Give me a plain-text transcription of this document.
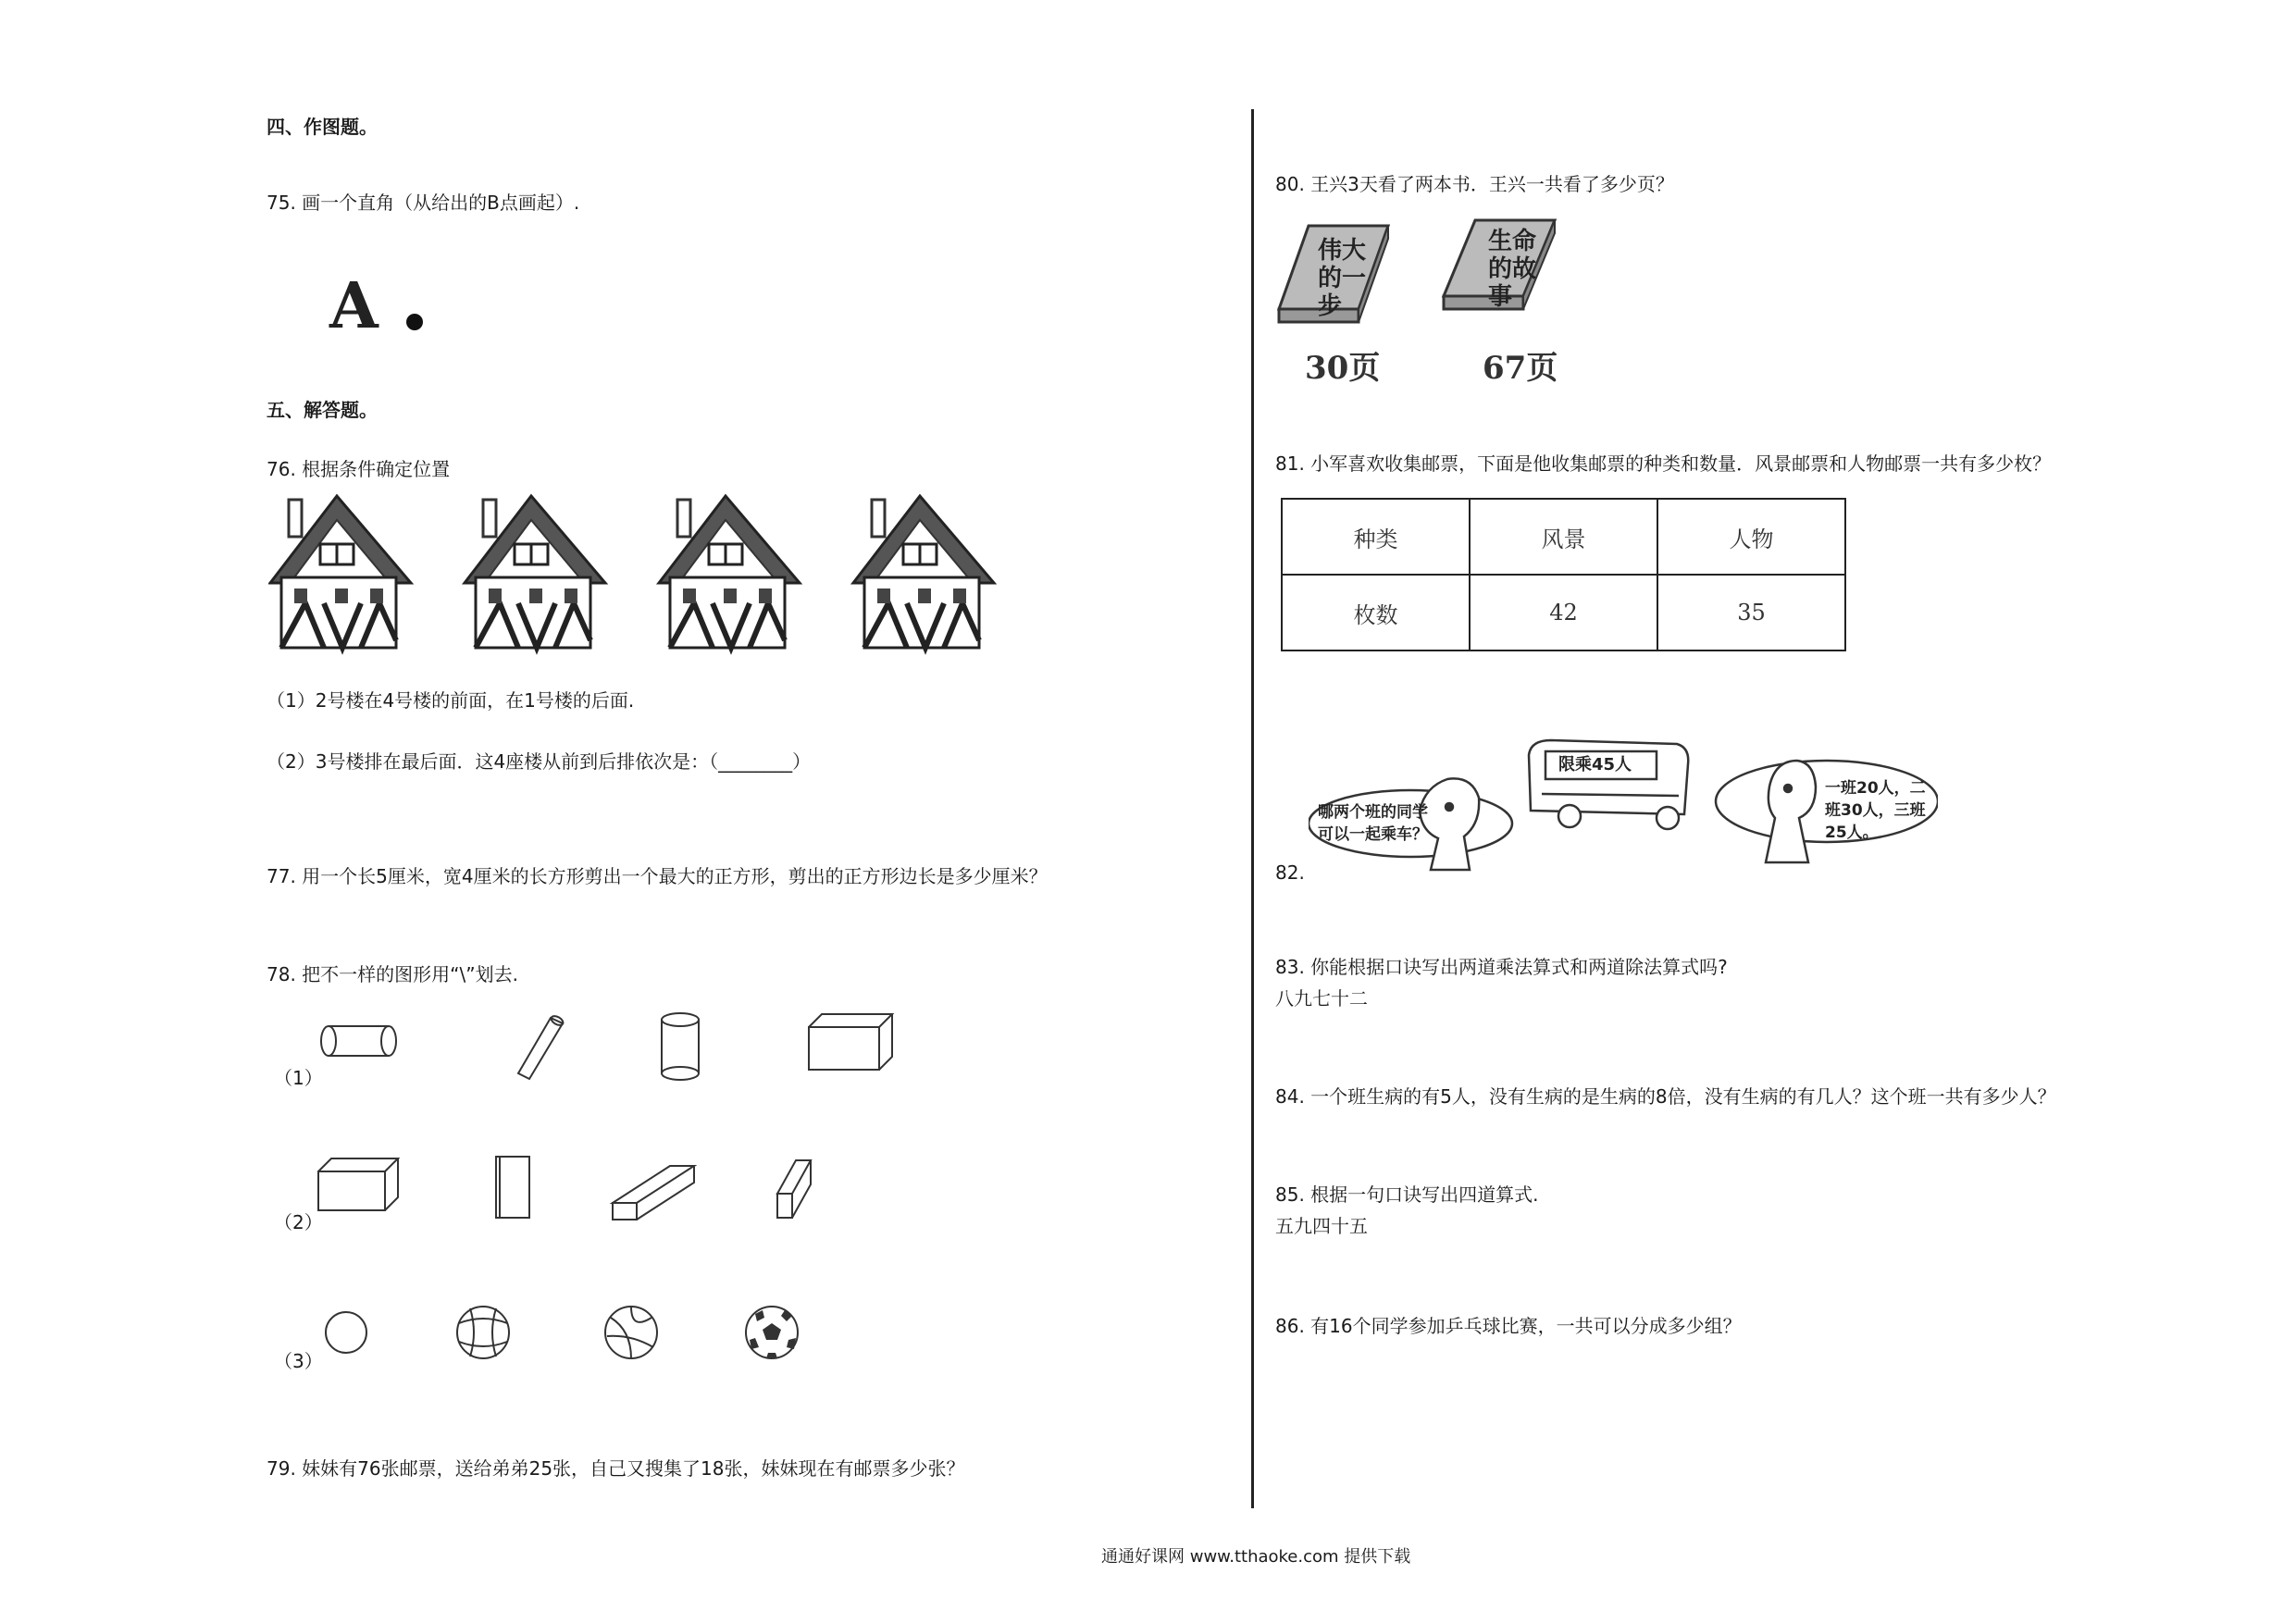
四、作图题。
75. 画一个直角（从给出的B点画起）.
A
五、解答题。
76. 根据条件确定位置
（1）2号楼在4号楼的前面，在1号楼的后面.
（2）3号楼排在最后面．这4座楼从前到后排依次是：（________）
77. 用一个长5厘米，宽4厘米的长方形剪出一个最大的正方形，剪出的正方形边长是多少厘米？
78. 把不一样的图形用“\”划去.
（1）
（2）
（3）
79. 妹妹有76张邮票，送给弟弟25张，自己又搜集了18张，妹妹现在有邮票多少张？
80. 王兴3天看了两本书．王兴一共看了多少页？
伟大的一步
生命的故事
30页	67页
81. 小军喜欢收集邮票，下面是他收集邮票的种类和数量．风景邮票和人物邮票一共有多少枚？
种类	风景	人物
枚数	42	35
限乘45人
哪两个班的同学可以一起乘车？
一班20人，二班30人，三班25人。
82.
83. 你能根据口诀写出两道乘法算式和两道除法算式吗?
八九七十二
84. 一个班生病的有5人，没有生病的是生病的8倍，没有生病的有几人？这个班一共有多少人？
85. 根据一句口诀写出四道算式.
五九四十五
86. 有16个同学参加乒乓球比赛，一共可以分成多少组？
通通好课网 www.tthaoke.com 提供下载
